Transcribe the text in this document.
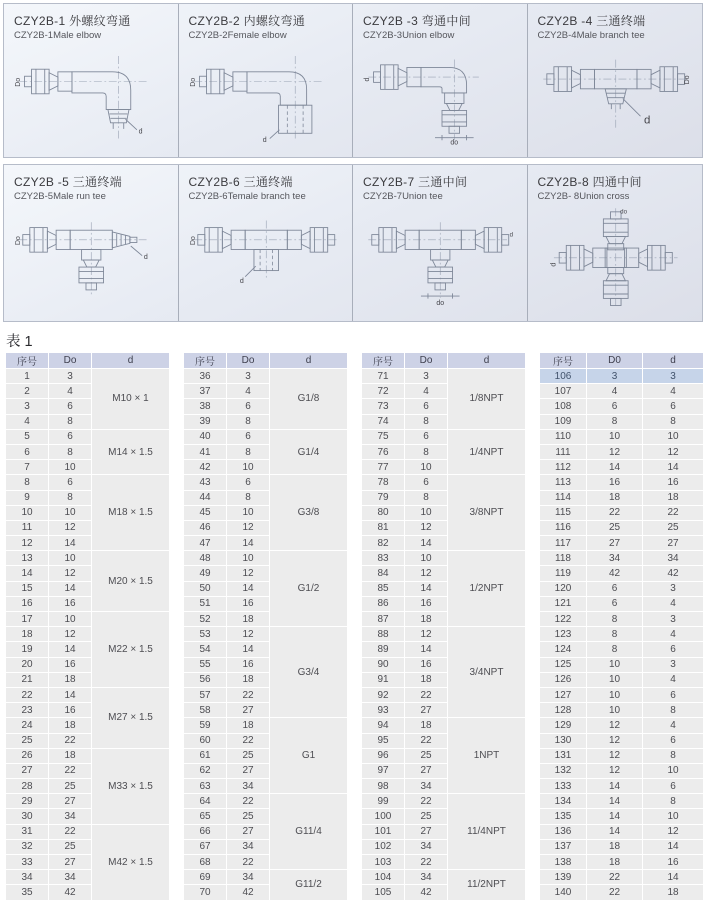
CZY2B-1 外螺纹弯通
CZY2B-1Male elbow
Do
d
CZY2B-2 内螺纹弯通
CZY2B-2Female elbow
Do
d
CZY2B -3 弯通中间
CZY2B-3Union elbow
d
do
CZY2B -4 三通终端
CZY2B-4Male branch tee
Do
d
CZY2B -5 三通终端
CZY2B-5Male run tee
Do
d
CZY2B-6 三通终端
CZY2B-6Temale branch tee
Do
d
CZY2B-7 三通中间
CZY2B-7Union tee
d
do
CZY2B-8 四通中间
CZY2B- 8Union cross
do
d
表 1
序号	Do	d
1	3	M10 × 1
2	4	
3	6	
4	8	
5	6	M14 × 1.5
6	8	
7	10	
8	6	M18 × 1.5
9	8	
10	10	
11	12	
12	14	
13	10	M20 × 1.5
14	12	
15	14	
16	16	
17	10	M22 × 1.5
18	12	
19	14	
20	16	
21	18	
22	14	M27 × 1.5
23	16	
24	18	
25	22	
26	18	M33 × 1.5
27	22	
28	25	
29	27	
30	34	
31	22	M42 × 1.5
32	25	
33	27	
34	34	
35	42	
序号	Do	d
36	3	G1/8
37	4	
38	6	
39	8	
40	6	G1/4
41	8	
42	10	
43	6	G3/8
44	8	
45	10	
46	12	
47	14	
48	10	G1/2
49	12	
50	14	
51	16	
52	18	
53	12	G3/4
54	14	
55	16	
56	18	
57	22	
58	27	
59	18	G1
60	22	
61	25	
62	27	
63	34	
64	22	G11/4
65	25	
66	27	
67	34	
68	22	
69	34	G11/2
70	42	
序号	Do	d
71	3	1/8NPT
72	4	
73	6	
74	8	
75	6	1/4NPT
76	8	
77	10	
78	6	3/8NPT
79	8	
80	10	
81	12	
82	14	
83	10	1/2NPT
84	12	
85	14	
86	16	
87	18	
88	12	3/4NPT
89	14	
90	16	
91	18	
92	22	
93	27	
94	18	1NPT
95	22	
96	25	
97	27	
98	34	
99	22	11/4NPT
100	25	
101	27	
102	34	
103	22	
104	34	11/2NPT
105	42	
序号	D0	d
106	3	3
107	4	4
108	6	6
109	8	8
110	10	10
111	12	12
112	14	14
113	16	16
114	18	18
115	22	22
116	25	25
117	27	27
118	34	34
119	42	42
120	6	3
121	6	4
122	8	3
123	8	4
124	8	6
125	10	3
126	10	4
127	10	6
128	10	8
129	12	4
130	12	6
131	12	8
132	12	10
133	14	6
134	14	8
135	14	10
136	14	12
137	18	14
138	18	16
139	22	14
140	22	18
